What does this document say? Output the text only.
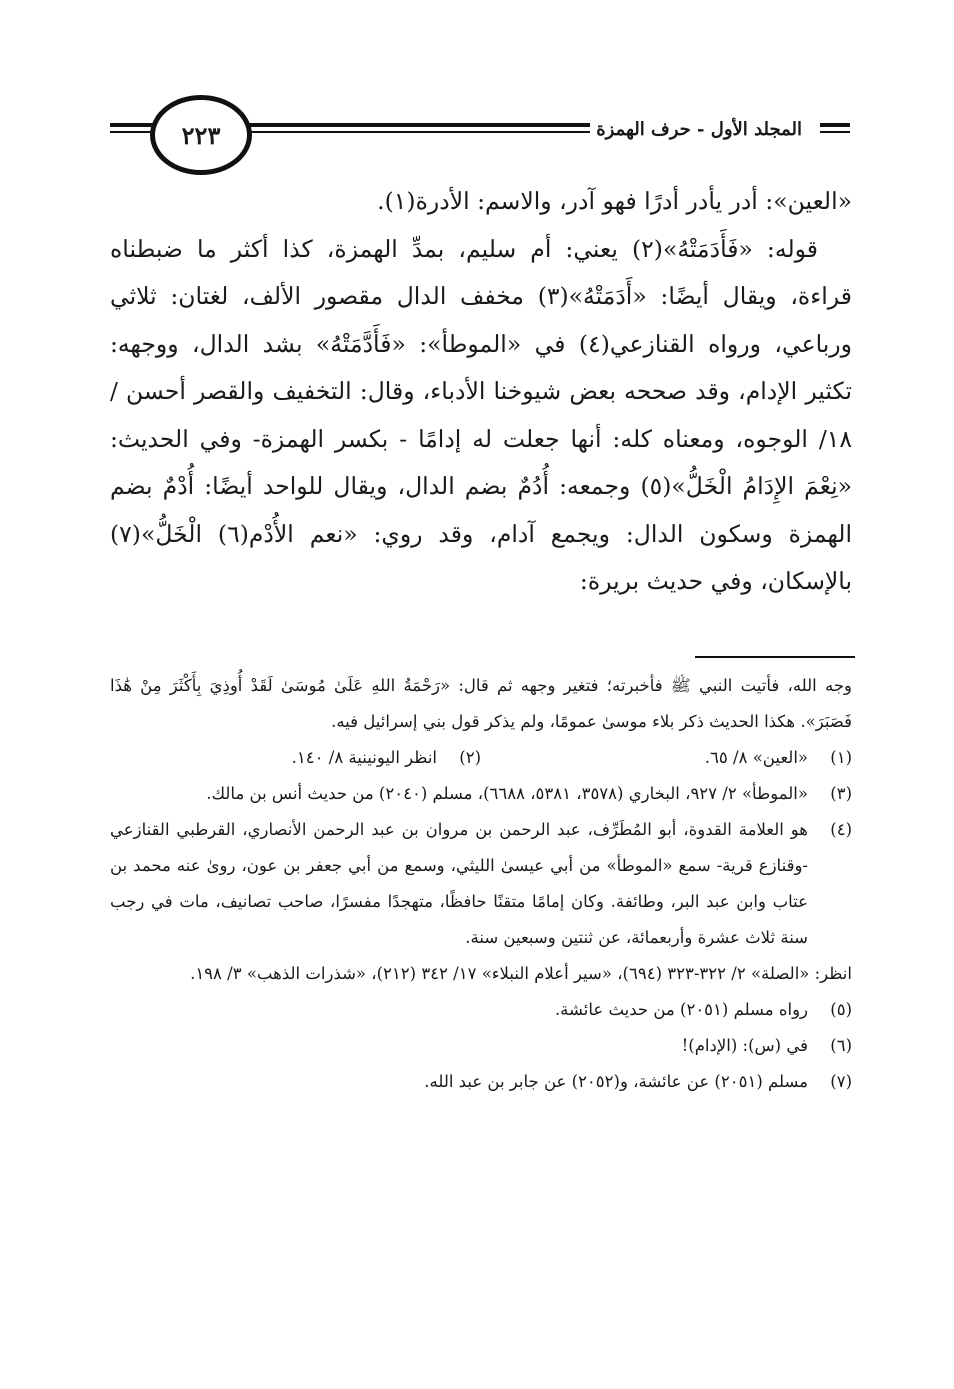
٢٢٣	المجلد الأول - حرف الهمزة

«العين»: أدر يأدر أدرًا فهو آدر، والاسم: الأدرة(١).

قوله: «فَأَدَمَتْهُ»(٢) يعني: أم سليم، بمدِّ الهمزة، كذا أكثر ما ضبطناه قراءة، ويقال أيضًا: «أَدَمَتْهُ»(٣) مخفف الدال مقصور الألف، لغتان: ثلاثي ورباعي، ورواه القنازعي(٤) في «الموطأ»: «فَأَدَّمَتْهُ» بشد الدال، ووجهه: تكثير الإدام، وقد صححه بعض شيوخنا الأدباء، وقال: التخفيف والقصر أحسن /١٨/ الوجوه، ومعناه كله: أنها جعلت له إدامًا - بكسر الهمزة- وفي الحديث: «نِعْمَ الإِدَامُ الْخَلُّ»(٥) وجمعه: أُدُمٌ بضم الدال، ويقال للواحد أيضًا: أُدْمٌ بضم الهمزة وسكون الدال: ويجمع آدام، وقد روي: «نعم الأُدْم(٦) الْخَلُّ»(٧) بالإسكان، وفي حديث بريرة:

وجه الله، فأتيت النبي ﷺ فأخبرته؛ فتغير وجهه ثم قال: «رَحْمَةُ اللهِ عَلَىٰ مُوسَىٰ لَقَدْ أُوذِيَ بِأَكْثَرَ مِنْ هَٰذَا فَصَبَرَ». هكذا الحديث ذكر بلاء موسىٰ عمومًا، ولم يذكر قول بني إسرائيل فيه.

(١)
«العين» ٨/ ٦٥.
(٢)
انظر اليونينية ٨/ ١٤٠.
(٣)
«الموطأ» ٢/ ٩٢٧، البخاري (٣٥٧٨، ٥٣٨١، ٦٦٨٨)، مسلم (٢٠٤٠) من حديث أنس بن مالك.
(٤)
هو العلامة القدوة، أبو المُطَرِّف، عبد الرحمن بن مروان بن عبد الرحمن الأنصاري، القرطبي القنازعي -وقنازع قرية- سمع «الموطأ» من أبي عيسىٰ الليثي، وسمع من أبي جعفر بن عون، روىٰ عنه محمد بن عتاب وابن عبد البر، وطائفة. وكان إمامًا متقنًا حافظًا، متهجدًا مفسرًا، صاحب تصانيف، مات في رجب سنة ثلاث عشرة وأربعمائة، عن ثنتين وسبعين سنة.

انظر: «الصلة» ٢/ ٣٢٢-٣٢٣ (٦٩٤)، «سير أعلام النبلاء» ١٧/ ٣٤٢ (٢١٢)، «شذرات الذهب» ٣/ ١٩٨.

(٥)
رواه مسلم (٢٠٥١) من حديث عائشة.
(٦)
في (س): (الإدام)!
(٧)
مسلم (٢٠٥١) عن عائشة، و(٢٠٥٢) عن جابر بن عبد الله.
